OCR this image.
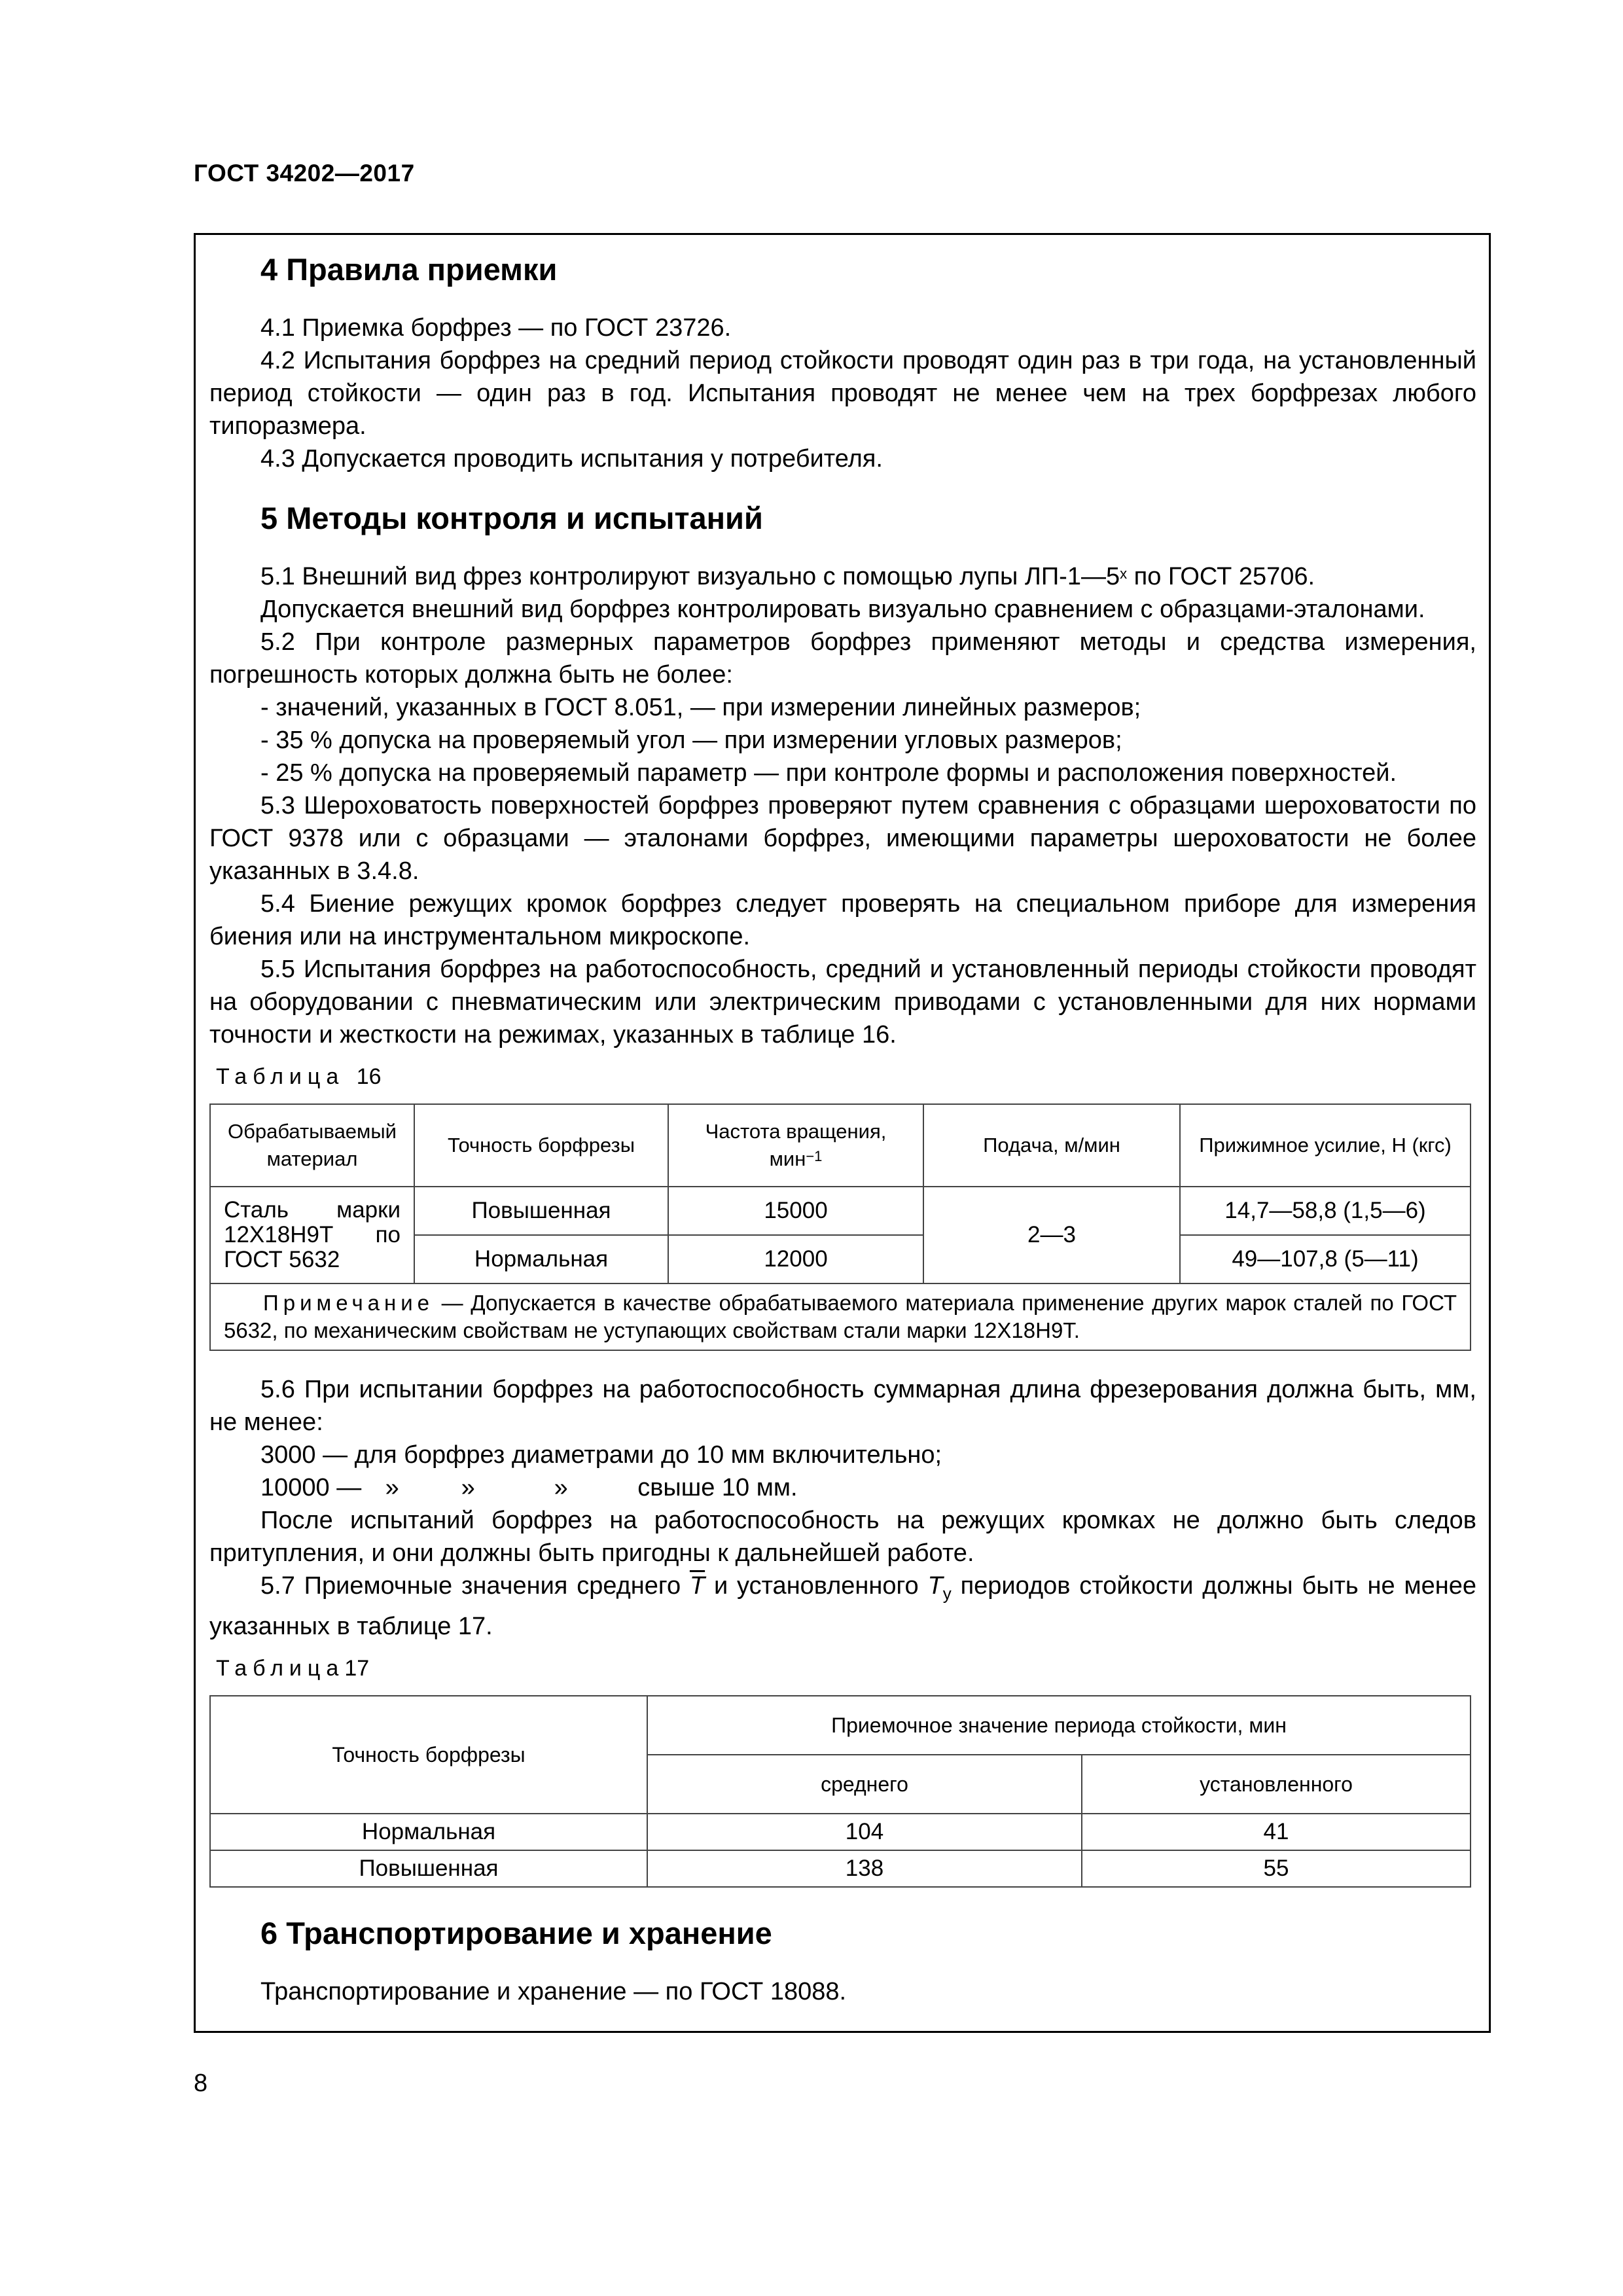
ГОСТ 34202—2017
4 Правила приемки

4.1 Приемка борфрез — по ГОСТ 23726.

4.2 Испытания борфрез на средний период стойкости проводят один раз в три года, на установленный период стойкости — один раз в год. Испытания проводят не менее чем на трех борфрезах любого типоразмера.

4.3 Допускается проводить испытания у потребителя.

5 Методы контроля и испытаний

5.1 Внешний вид фрез контролируют визуально с помощью лупы $ЛП-1—5^х$ по ГОСТ 25706.

Допускается внешний вид борфрез контролировать визуально сравнением с образцами-эталонами.

5.2 При контроле размерных параметров борфрез применяют методы и средства измерения, погрешность которых должна быть не более:

- значений, указанных в ГОСТ 8.051, — при измерении линейных размеров;

- 35 % допуска на проверяемый угол — при измерении угловых размеров;

- 25 % допуска на проверяемый параметр — при контроле формы и расположения поверхностей.

5.3 Шероховатость поверхностей борфрез проверяют путем сравнения с образцами шероховатости по ГОСТ 9378 или с образцами — эталонами борфрез, имеющими параметры шероховатости не более указанных в 3.4.8.

5.4 Биение режущих кромок борфрез следует проверять на специальном приборе для измерения биения или на инструментальном микроскопе.

5.5 Испытания борфрез на работоспособность, средний и установленный периоды стойкости проводят на оборудовании с пневматическим или электрическим приводами с установленными для них нормами точности и жесткости на режимах, указанных в таблице 16.

Таблица 16
Обрабатываемый материал	Точность борфрезы	Частота вращения,
мин$^{-1}$	Подача, м/мин	Прижимное усилие, Н (кгс)
Сталь марки 12Х18Н9Т по ГОСТ 5632	Повышенная	15000	2—3	14,7—58,8 (1,5—6)
	Нормальная	12000		49—107,8 (5—11)
Примечание — Допускается в качестве обрабатываемого материала применение других марок сталей по ГОСТ 5632, по механическим свойствам не уступающих свойствам стали марки 12Х18Н9Т.				

5.6 При испытании борфрез на работоспособность суммарная длина фрезерования должна быть, мм, не менее:

3000 — для борфрез диаметрами до 10 мм включительно;

10000 — » »	»	свыше 10 мм.

После испытаний борфрез на работоспособность на режущих кромках не должно быть следов притупления, и они должны быть пригодны к дальнейшей работе.

5.7 Приемочные значения среднего $\overline{T}$ и установленного $T_у$ периодов стойкости должны быть не менее указанных в таблице 17.

Таблица17
Точность борфрезы	Приемочное значение периода стойкости, мин	
	среднего	установленного
Нормальная	104	41
Повышенная	138	55
6 Транспортирование и хранение

Транспортирование и хранение — по ГОСТ 18088.

8
